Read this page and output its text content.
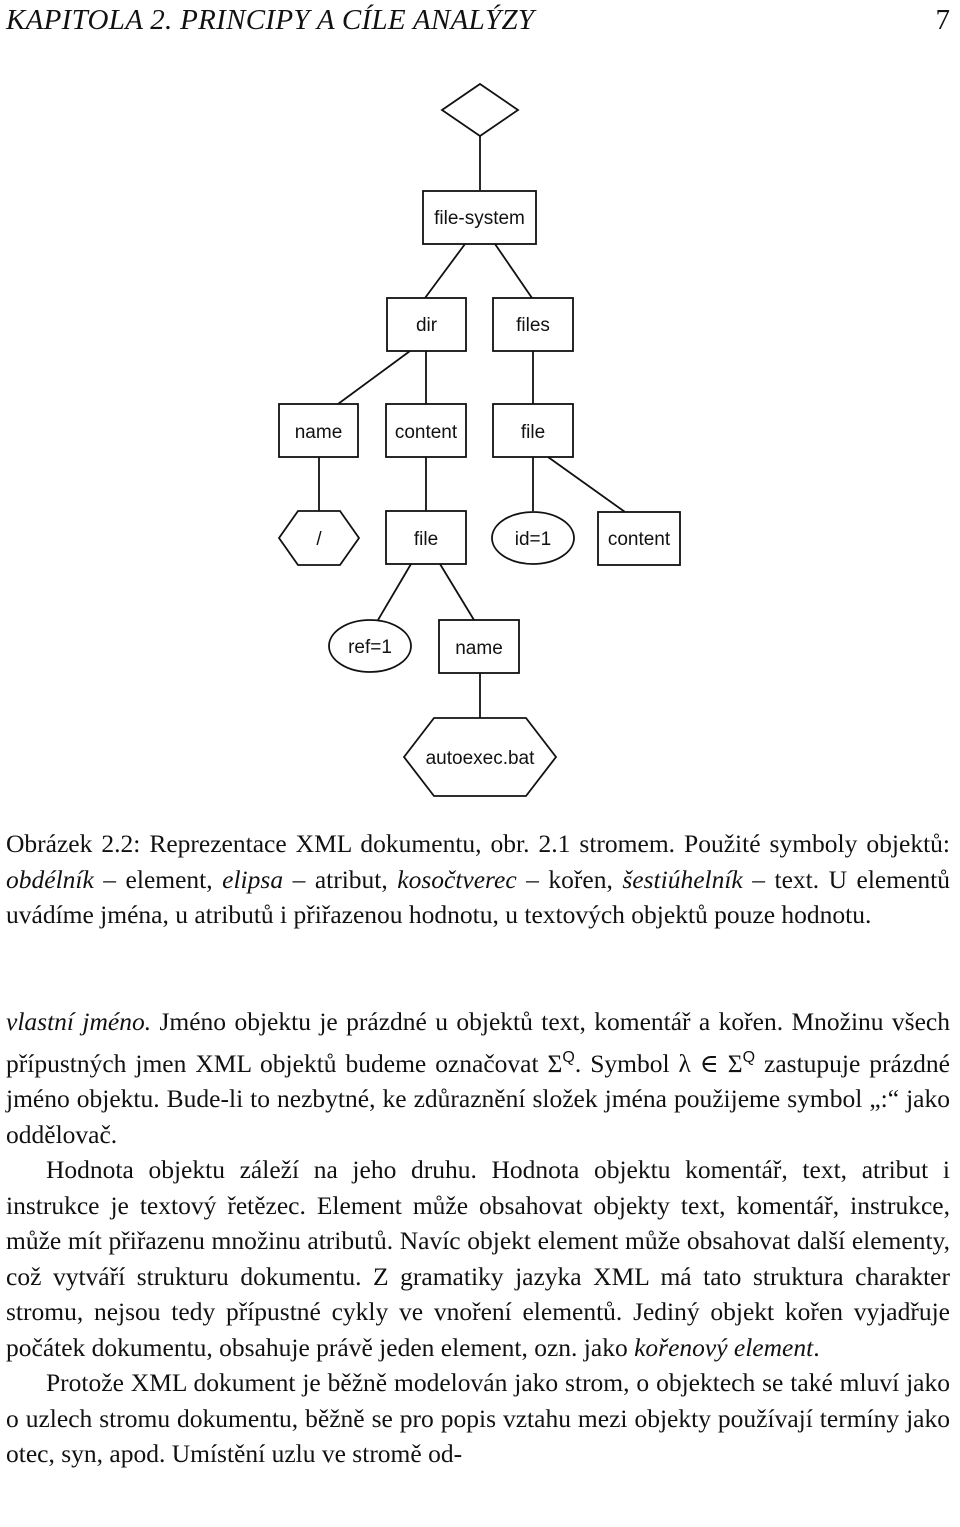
KAPITOLA 2. PRINCIPY A CÍLE ANALÝZY	7
file-system
dir	files
name	content	file
file	content
name
id=1
ref=1
/
autoexec.bat
Obrázek 2.2: Reprezentace XML dokumentu, obr. 2.1 stromem. Použité symboly objektů: obdélník – element, elipsa – atribut, kosočtverec – kořen, šestiúhelník – text. U elementů uvádíme jména, u atributů i přiřazenou hodnotu, u textových objektů pouze hodnotu.

vlastní jméno. Jméno objektu je prázdné u objektů text, komentář a kořen. Množinu všech přípustných jmen XML objektů budeme označovat $\Sigma^Q$. Symbol λ ∈ $\Sigma^Q$ zastupuje prázdné jméno objektu. Bude-li to nezbytné, ke zdůraznění složek jména použijeme symbol „:“ jako oddělovač.

Hodnota objektu záleží na jeho druhu. Hodnota objektu komentář, text, atribut i instrukce je textový řetězec. Element může obsahovat objekty text, komentář, instrukce, může mít přiřazenu množinu atributů. Navíc objekt element může obsahovat další elementy, což vytváří strukturu dokumentu. Z gramatiky jazyka XML má tato struktura charakter stromu, nejsou tedy přípustné cykly ve vnoření elementů. Jediný objekt kořen vyjadřuje počátek dokumentu, obsahuje právě jeden element, ozn. jako kořenový element.

Protože XML dokument je běžně modelován jako strom, o objektech se také mluví jako o uzlech stromu dokumentu, běžně se pro popis vztahu mezi objekty používají termíny jako otec, syn, apod. Umístění uzlu ve stromě od-
